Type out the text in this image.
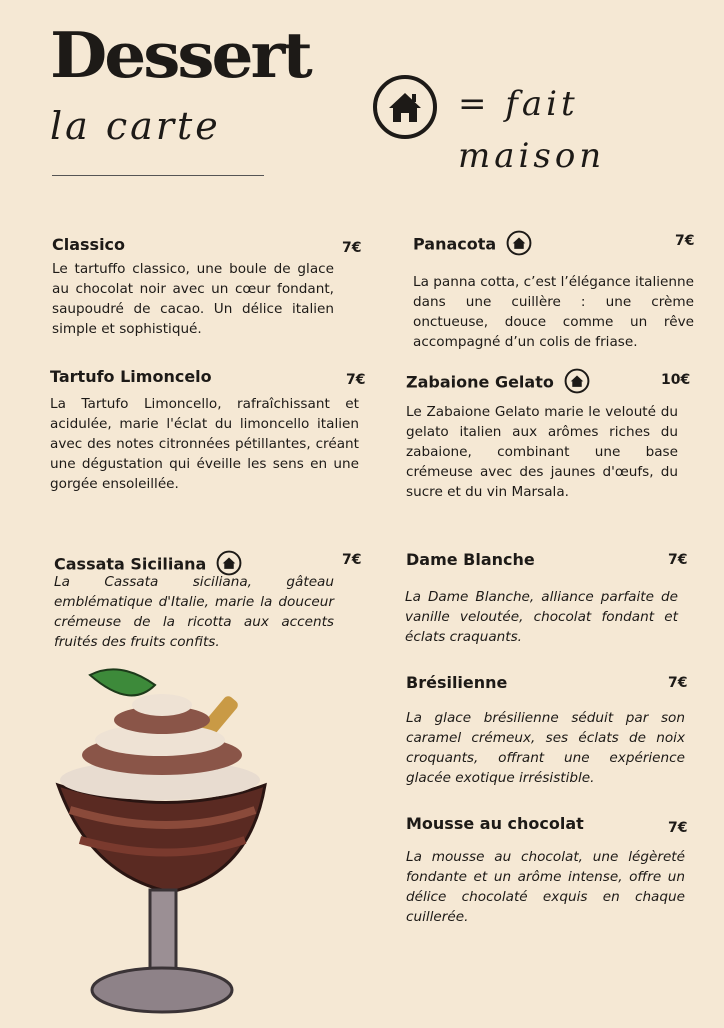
Dessert
la carte	= fait
maison
Classico	7€
Le tartuffo classico, une boule de glace au chocolat noir avec un cœur fondant, saupoudré de cacao. Un délice italien simple et sophistiqué.
Tartufo Limoncelo	7€
La Tartufo Limoncello, rafraîchissant et acidulée, marie l'éclat du limoncello italien avec des notes citronnées pétillantes, créant une dégustation qui éveille les sens en une gorgée ensoleillée.
Cassata Siciliana	7€
La Cassata siciliana, gâteau emblématique d'Italie, marie la douceur crémeuse de la ricotta aux accents fruités des fruits confits.
Panacota	7€
La panna cotta, c’est l’élégance italienne dans une cuillère : une crème onctueuse, douce comme un rêve accompagné d’un colis de friase.
Zabaione Gelato	10€
Le Zabaione Gelato marie le velouté du gelato italien aux arômes riches du zabaione, combinant une base crémeuse avec des jaunes d'œufs, du sucre et du vin Marsala.
Dame Blanche	7€
La Dame Blanche, alliance parfaite de vanille veloutée, chocolat fondant et éclats craquants.
Brésilienne	7€
La glace brésilienne séduit par son caramel crémeux, ses éclats de noix croquants, offrant une expérience glacée exotique irrésistible.
Mousse au chocolat	7€
La mousse au chocolat, une légèreté fondante et un arôme intense, offre un délice chocolaté exquis en chaque cuillerée.
